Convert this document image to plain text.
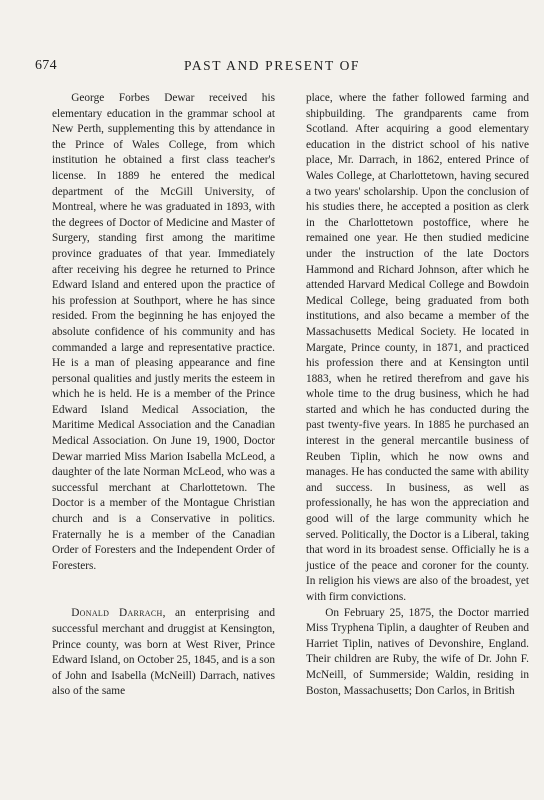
674	PAST AND PRESENT OF

George Forbes Dewar received his elementary education in the grammar school at New Perth, supplementing this by attendance in the Prince of Wales College, from which institution he obtained a first class teacher's license. In 1889 he entered the medical department of the McGill University, of Montreal, where he was graduated in 1893, with the degrees of Doctor of Medicine and Master of Surgery, standing first among the maritime province graduates of that year. Immediately after receiving his degree he returned to Prince Edward Island and entered upon the practice of his profession at Southport, where he has since resided. From the beginning he has enjoyed the absolute confidence of his community and has commanded a large and representative practice. He is a man of pleasing appearance and fine personal qualities and justly merits the esteem in which he is held. He is a member of the Prince Edward Island Medical Association, the Maritime Medical Association and the Canadian Medical Association. On June 19, 1900, Doctor Dewar married Miss Marion Isabella McLeod, a daughter of the late Norman McLeod, who was a successful merchant at Charlottetown. The Doctor is a member of the Montague Christian church and is a Conservative in politics. Fraternally he is a member of the Canadian Order of Foresters and the Independent Order of Foresters.

Donald Darrach, an enterprising and successful merchant and druggist at Kensington, Prince county, was born at West River, Prince Edward Island, on October 25, 1845, and is a son of John and Isabella (McNeill) Darrach, natives also of the same

place, where the father followed farming and shipbuilding. The grandparents came from Scotland. After acquiring a good elementary education in the district school of his native place, Mr. Darrach, in 1862, entered Prince of Wales College, at Charlottetown, having secured a two years' scholarship. Upon the conclusion of his studies there, he accepted a position as clerk in the Charlottetown postoffice, where he remained one year. He then studied medicine under the instruction of the late Doctors Hammond and Richard Johnson, after which he attended Harvard Medical College and Bowdoin Medical College, being graduated from both institutions, and also became a member of the Massachusetts Medical Society. He located in Margate, Prince county, in 1871, and practiced his profession there and at Kensington until 1883, when he retired therefrom and gave his whole time to the drug business, which he had started and which he has conducted during the past twenty-five years. In 1885 he purchased an interest in the general mercantile business of Reuben Tiplin, which he now owns and manages. He has conducted the same with ability and success. In business, as well as professionally, he has won the appreciation and good will of the large community which he served. Politically, the Doctor is a Liberal, taking that word in its broadest sense. Officially he is a justice of the peace and coroner for the county. In religion his views are also of the broadest, yet with firm convictions.

On February 25, 1875, the Doctor married Miss Tryphena Tiplin, a daughter of Reuben and Harriet Tiplin, natives of Devonshire, England. Their children are Ruby, the wife of Dr. John F. McNeill, of Summerside; Waldin, residing in Boston, Massachusetts; Don Carlos, in British
